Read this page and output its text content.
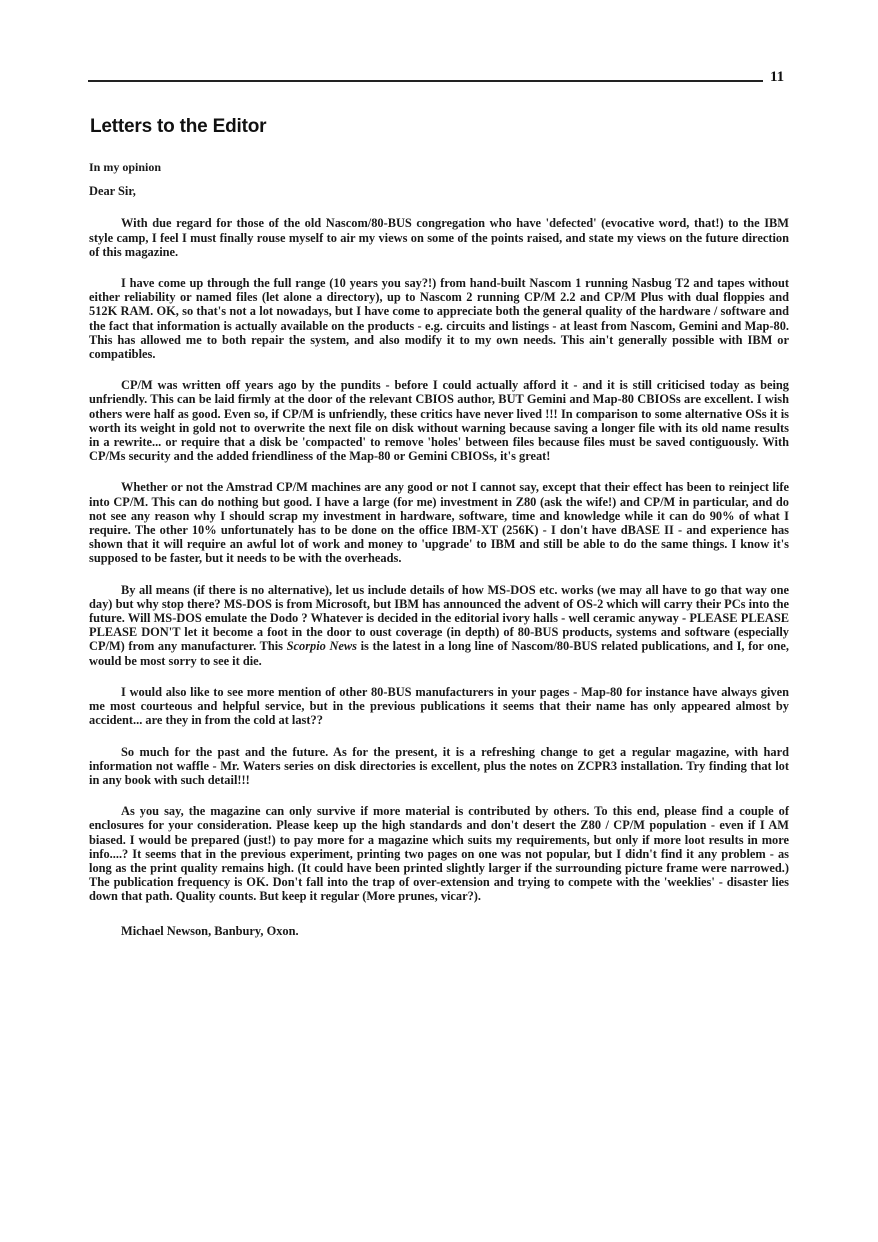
11
Letters to the Editor

In my opinion

Dear Sir,

With due regard for those of the old Nascom/80-BUS congregation who have 'defected' (evocative word, that!) to the IBM style camp, I feel I must finally rouse myself to air my views on some of the points raised, and state my views on the future direction of this magazine.

I have come up through the full range (10 years you say?!) from hand-built Nascom 1 running Nasbug T2 and tapes without either reliability or named files (let alone a directory), up to Nascom 2 running CP/M 2.2 and CP/M Plus with dual floppies and 512K RAM. OK, so that's not a lot nowadays, but I have come to appreciate both the general quality of the hardware / software and the fact that information is actually available on the products - e.g. circuits and listings - at least from Nascom, Gemini and Map-80. This has allowed me to both repair the system, and also modify it to my own needs. This ain't generally possible with IBM or compatibles.

CP/M was written off years ago by the pundits - before I could actually afford it - and it is still criticised today as being unfriendly. This can be laid firmly at the door of the relevant CBIOS author, BUT Gemini and Map-80 CBIOSs are excellent. I wish others were half as good. Even so, if CP/M is unfriendly, these critics have never lived !!! In comparison to some alternative OSs it is worth its weight in gold not to overwrite the next file on disk without warning because saving a longer file with its old name results in a rewrite... or require that a disk be 'compacted' to remove 'holes' between files because files must be saved contiguously. With CP/Ms security and the added friendliness of the Map-80 or Gemini CBIOSs, it's great!

Whether or not the Amstrad CP/M machines are any good or not I cannot say, except that their effect has been to reinject life into CP/M. This can do nothing but good. I have a large (for me) investment in Z80 (ask the wife!) and CP/M in particular, and do not see any reason why I should scrap my investment in hardware, software, time and knowledge while it can do 90% of what I require. The other 10% unfortunately has to be done on the office IBM-XT (256K) - I don't have dBASE II - and experience has shown that it will require an awful lot of work and money to 'upgrade' to IBM and still be able to do the same things. I know it's supposed to be faster, but it needs to be with the overheads.

By all means (if there is no alternative), let us include details of how MS-DOS etc. works (we may all have to go that way one day) but why stop there? MS-DOS is from Microsoft, but IBM has announced the advent of OS-2 which will carry their PCs into the future. Will MS-DOS emulate the Dodo ? Whatever is decided in the editorial ivory halls - well ceramic anyway - PLEASE PLEASE PLEASE DON'T let it become a foot in the door to oust coverage (in depth) of 80-BUS products, systems and software (especially CP/M) from any manufacturer. This Scorpio News is the latest in a long line of Nascom/80-BUS related publications, and I, for one, would be most sorry to see it die.

I would also like to see more mention of other 80-BUS manufacturers in your pages - Map-80 for instance have always given me most courteous and helpful service, but in the previous publications it seems that their name has only appeared almost by accident... are they in from the cold at last??

So much for the past and the future. As for the present, it is a refreshing change to get a regular magazine, with hard information not waffle - Mr. Waters series on disk directories is excellent, plus the notes on ZCPR3 installation. Try finding that lot in any book with such detail!!!

As you say, the magazine can only survive if more material is contributed by others. To this end, please find a couple of enclosures for your consideration. Please keep up the high standards and don't desert the Z80 / CP/M population - even if I AM biased. I would be prepared (just!) to pay more for a magazine which suits my requirements, but only if more loot results in more info....? It seems that in the previous experiment, printing two pages on one was not popular, but I didn't find it any problem - as long as the print quality remains high. (It could have been printed slightly larger if the surrounding picture frame were narrowed.) The publication frequency is OK. Don't fall into the trap of over-extension and trying to compete with the 'weeklies' - disaster lies down that path. Quality counts. But keep it regular (More prunes, vicar?).

Michael Newson, Banbury, Oxon.
